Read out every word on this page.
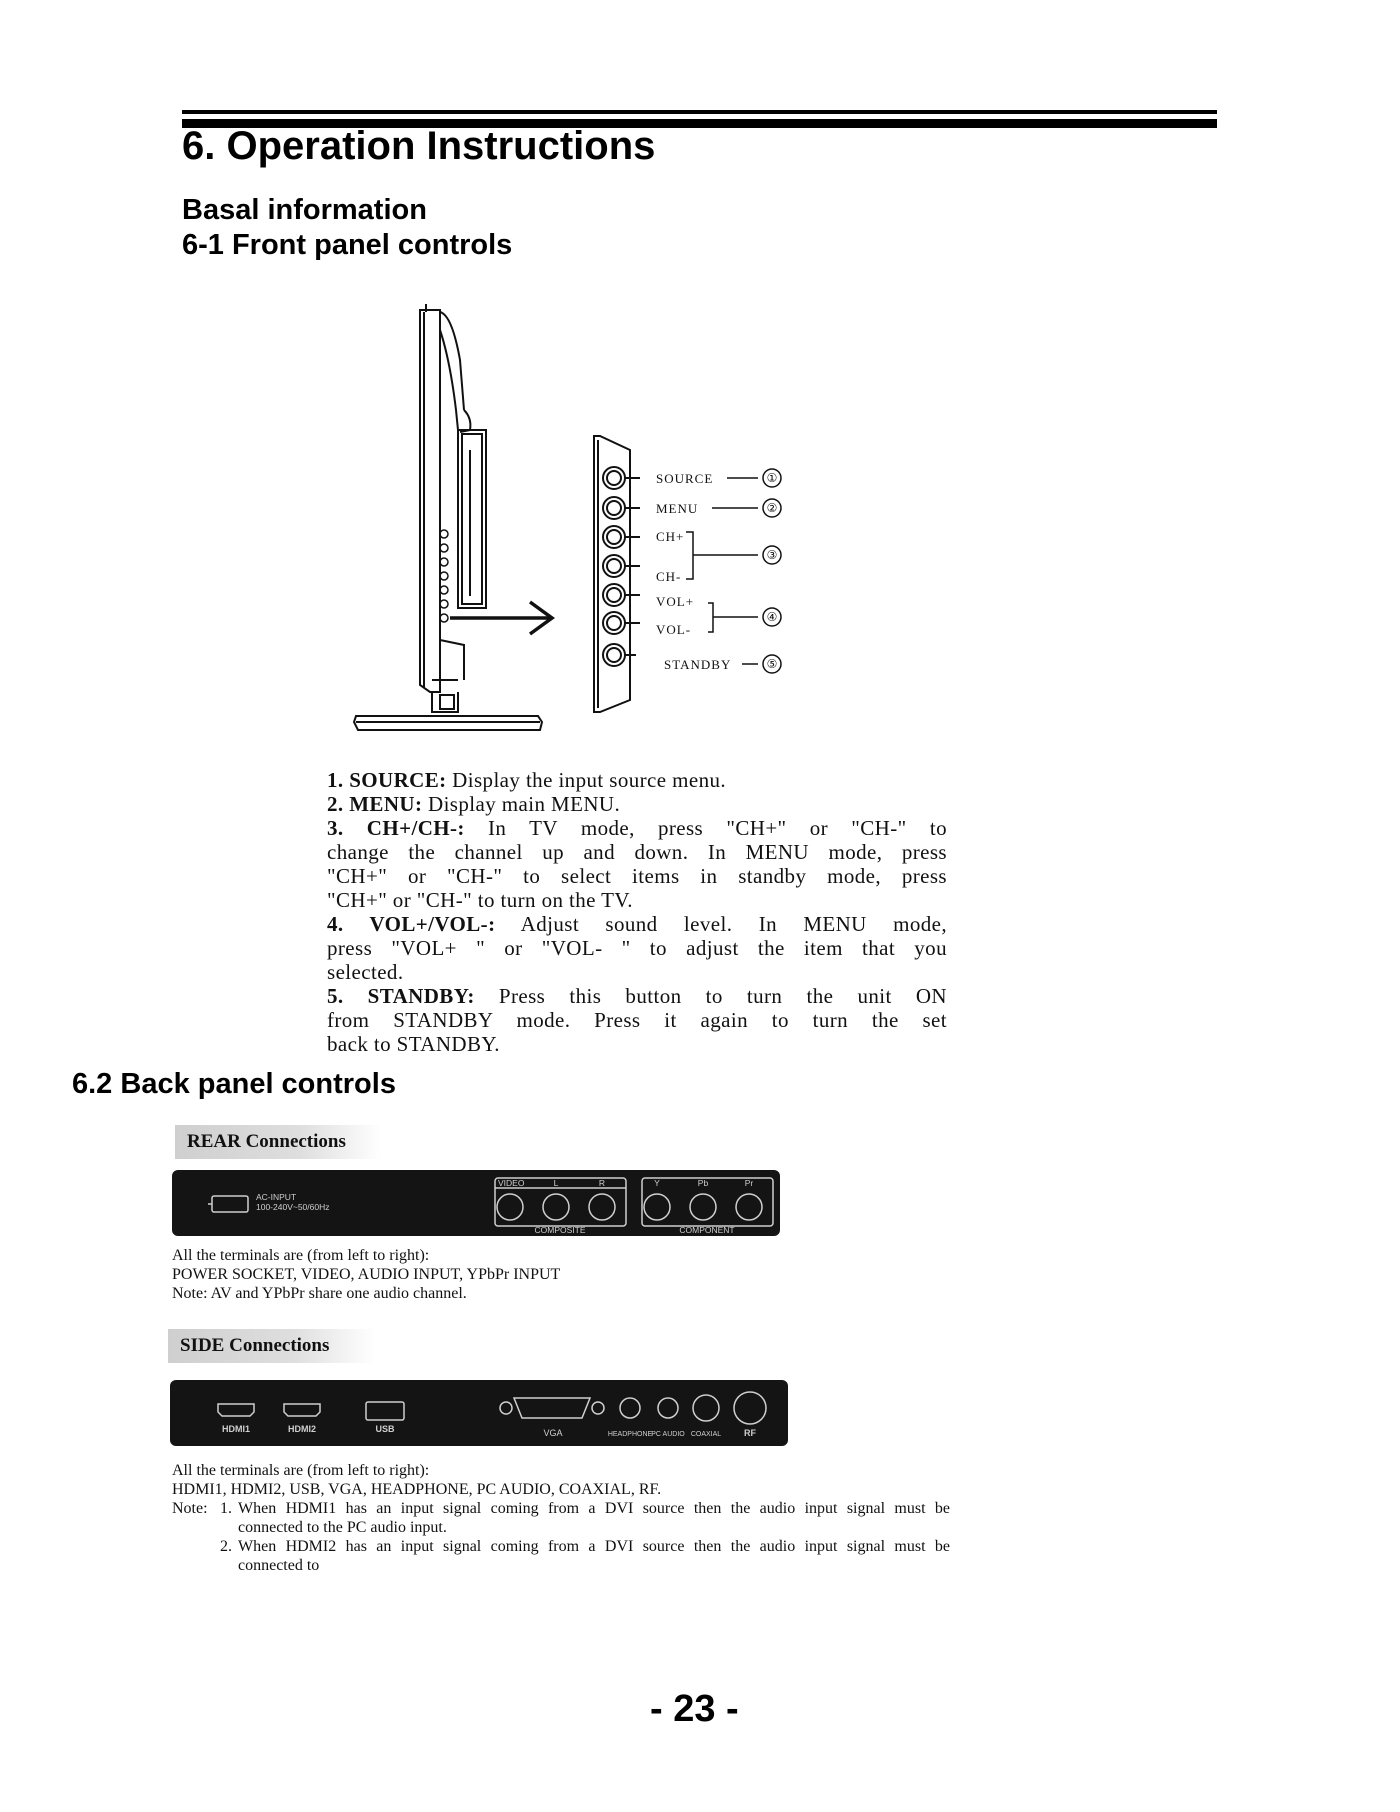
6. Operation Instructions
Basal information
6-1 Front panel controls
SOURCE
MENU
CH+
CH-
VOL+
VOL-
STANDBY
①
②
③
④
⑤
1. SOURCE: Display the input source menu.
2. MENU: Display main MENU.
3. CH+/CH-: In TV mode, press "CH+" or "CH-" to
change the channel up and down. In MENU mode, press
"CH+" or "CH-" to select items in standby mode, press
"CH+" or "CH-" to turn on the TV.
4. VOL+/VOL-: Adjust sound level. In MENU mode,
press "VOL+ " or "VOL- " to adjust the item that you
selected.
5. STANDBY: Press this button to turn the unit ON
from STANDBY mode. Press it again to turn the set
back to STANDBY.
6.2 Back panel controls
REAR Connections
AC-INPUT
100-240V~50/60Hz
VIDEO	L	R
COMPOSITE
Y	Pb	Pr
COMPONENT
All the terminals are (from left to right):
POWER SOCKET, VIDEO, AUDIO INPUT, YPbPr INPUT
Note: AV and YPbPr share one audio channel.
SIDE Connections
HDMI1	HDMI2	USB	VGA	HEADPHONE PC AUDIO COAXIAL	RF
All the terminals are (from left to right):
HDMI1, HDMI2, USB, VGA, HEADPHONE, PC AUDIO, COAXIAL, RF.
Note: 1. When HDMI1 has an input signal coming from a DVI source then the audio input signal must be
connected to the PC audio input.
2. When HDMI2 has an input signal coming from a DVI source then the audio input signal must be
connected to
- 23 -
